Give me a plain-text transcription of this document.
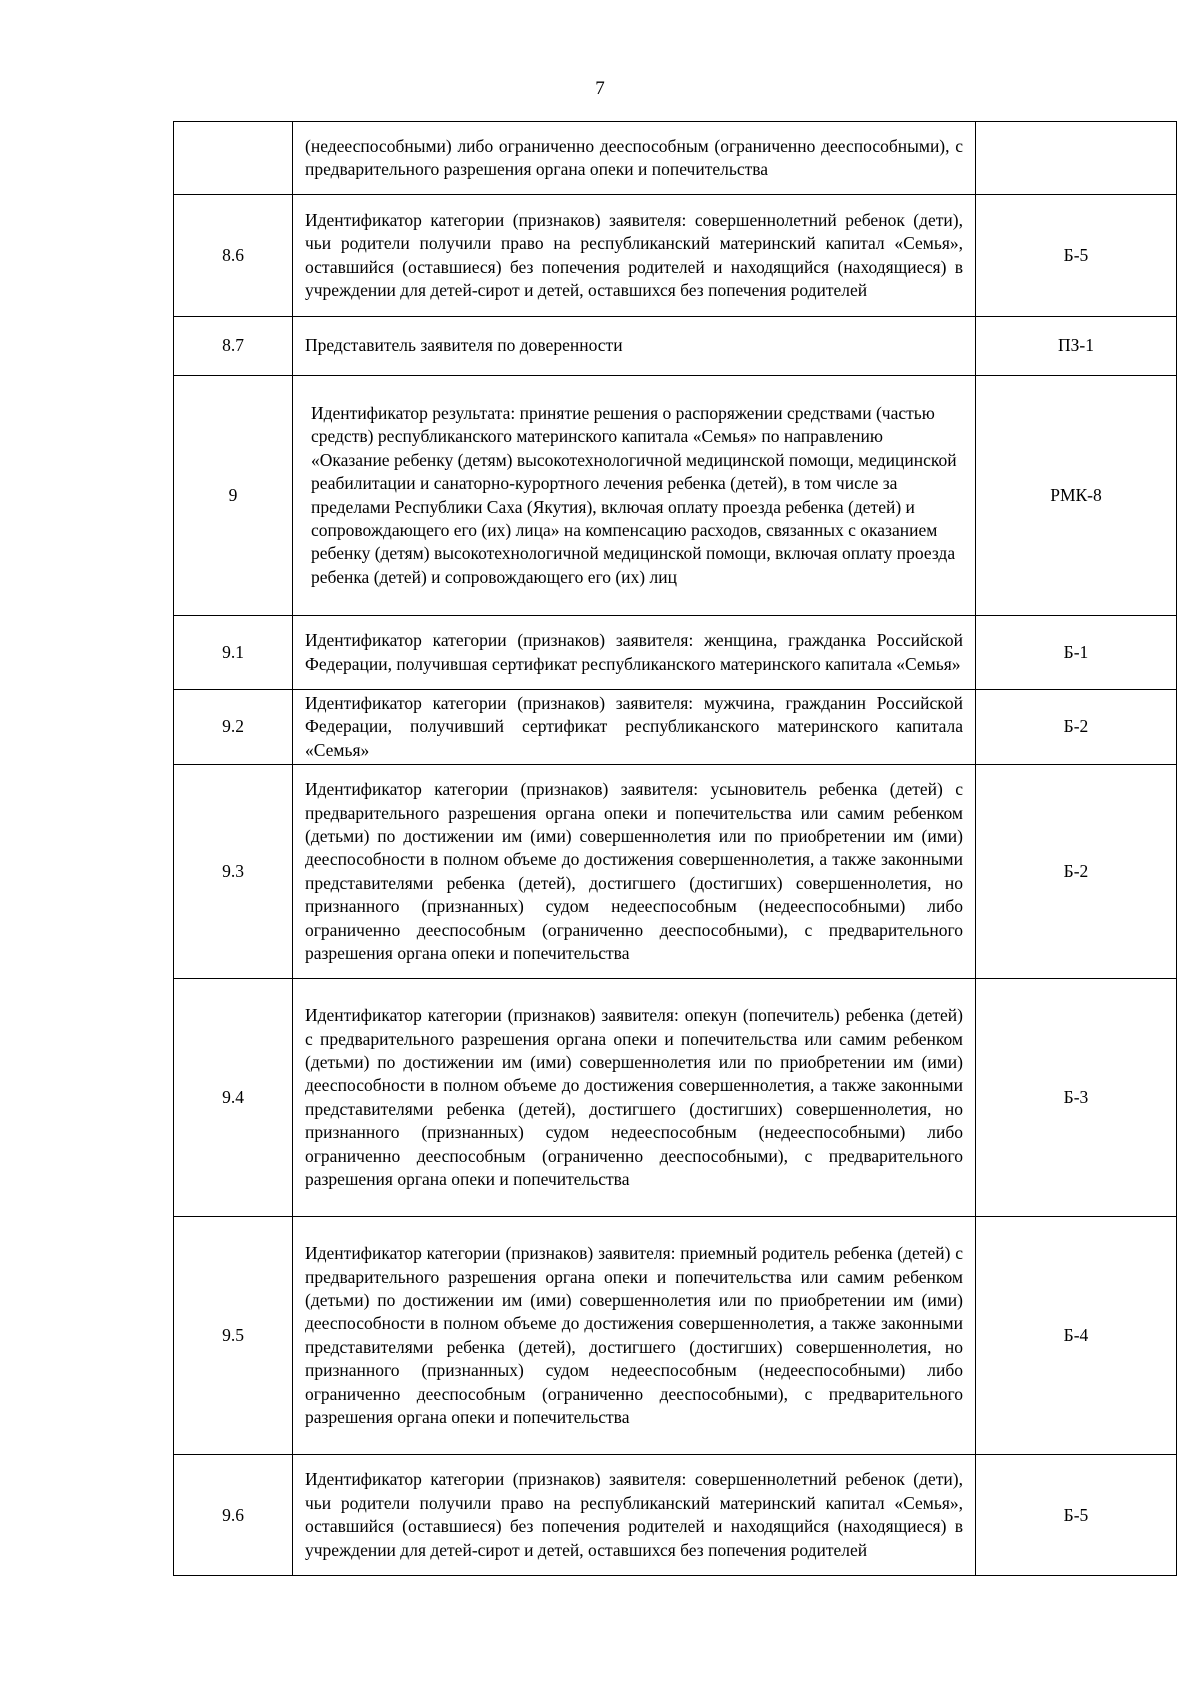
7
	(недееспособными) либо ограниченно дееспособным (ограниченно дееспособными), с предварительного разрешения органа опеки и попечительства	
8.6	Идентификатор категории (признаков) заявителя: совершеннолетний ребенок (дети), чьи родители получили право на республиканский материнский капитал «Семья», оставшийся (оставшиеся) без попечения родителей и находящийся (находящиеся) в учреждении для детей-сирот и детей, оставшихся без попечения родителей	Б-5
8.7	Представитель заявителя по доверенности	ПЗ-1
9	Идентификатор результата: принятие решения о распоряжении средствами (частью средств) республиканского материнского капитала «Семья» по направлению «Оказание ребенку (детям) высокотехнологичной медицинской помощи, медицинской реабилитации и санаторно-курортного лечения ребенка (детей), в том числе за пределами Республики Саха (Якутия), включая оплату проезда ребенка (детей) и сопровождающего его (их) лица» на компенсацию расходов, связанных с оказанием ребенку (детям) высокотехнологичной медицинской помощи, включая оплату проезда ребенка (детей) и сопровождающего его (их) лиц	РМК-8
9.1	Идентификатор категории (признаков) заявителя: женщина, гражданка Российской Федерации, получившая сертификат республиканского материнского капитала «Семья»	Б-1
9.2	Идентификатор категории (признаков) заявителя: мужчина, гражданин Российской Федерации, получивший сертификат республиканского материнского капитала «Семья»	Б-2
9.3	Идентификатор категории (признаков) заявителя: усыновитель ребенка (детей) с предварительного разрешения органа опеки и попечительства или самим ребенком (детьми) по достижении им (ими) совершеннолетия или по приобретении им (ими) дееспособности в полном объеме до достижения совершеннолетия, а также законными представителями ребенка (детей), достигшего (достигших) совершеннолетия, но признанного (признанных) судом недееспособным (недееспособными) либо ограниченно дееспособным (ограниченно дееспособными), с предварительного разрешения органа опеки и попечительства	Б-2
9.4	Идентификатор категории (признаков) заявителя: опекун (попечитель) ребенка (детей) с предварительного разрешения органа опеки и попечительства или самим ребенком (детьми) по достижении им (ими) совершеннолетия или по приобретении им (ими) дееспособности в полном объеме до достижения совершеннолетия, а также законными представителями ребенка (детей), достигшего (достигших) совершеннолетия, но признанного (признанных) судом недееспособным (недееспособными) либо ограниченно дееспособным (ограниченно дееспособными), с предварительного разрешения органа опеки и попечительства	Б-3
9.5	Идентификатор категории (признаков) заявителя: приемный родитель ребенка (детей) с предварительного разрешения органа опеки и попечительства или самим ребенком (детьми) по достижении им (ими) совершеннолетия или по приобретении им (ими) дееспособности в полном объеме до достижения совершеннолетия, а также законными представителями ребенка (детей), достигшего (достигших) совершеннолетия, но признанного (признанных) судом недееспособным (недееспособными) либо ограниченно дееспособным (ограниченно дееспособными), с предварительного разрешения органа опеки и попечительства	Б-4
9.6	Идентификатор категории (признаков) заявителя: совершеннолетний ребенок (дети), чьи родители получили право на республиканский материнский капитал «Семья», оставшийся (оставшиеся) без попечения родителей и находящийся (находящиеся) в учреждении для детей-сирот и детей, оставшихся без попечения родителей	Б-5
